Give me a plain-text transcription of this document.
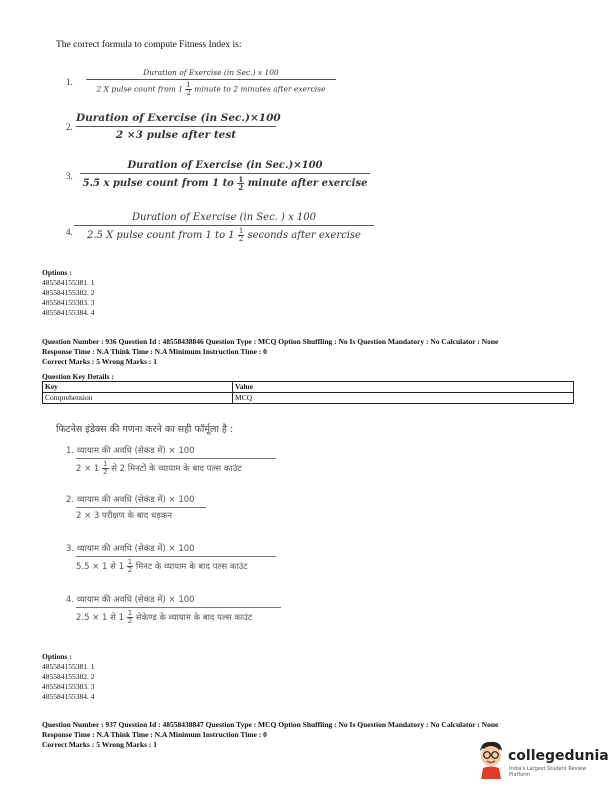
The correct formula to compute Fitness Index is:
1.
Duration of Exercise (in Sec.) x 100
2 X pulse count from $1 \frac{1}{2}$ minute to 2 minutes after exercise
2.
Duration of Exercise (in Sec.)×100
2 ×3 pulse after test
3.
Duration of Exercise (in Sec.)×100
5.5 x pulse count from 1 to $\frac{1}{2}$ minute after exercise
4.
Duration of Exercise (in Sec. ) x 100
2.5 X pulse count from 1 to $1 \frac{1}{2}$ seconds after exercise
Options :
485584155381. 1
485584155382. 2
485584155383. 3
485584155384. 4
Question Number : 936 Question Id : 48558438846 Question Type : MCQ Option Shuffling : No Is Question Mandatory : No Calculator : None
Response Time : N.A Think Time : N.A Minimum Instruction Time : 0
Correct Marks : 5 Wrong Marks : 1
Question Key Details :
Key	Value
Comprehension	MCQ
फिटनेस इंडेक्स की गणना करने का सही फॉर्मूला है :
1. व्यायाम की अवधि (सेकंड में) × 100
$2 \times 1 \frac{1}{2}$ से 2 मिनटों के व्यायाम के बाद पल्स काउंट
2. व्यायाम की अवधि (सेकंड में) × 100
2 × 3 परीक्षण के बाद धड़कन
3. व्यायाम की अवधि (सेकंड में) × 100
5.5 × 1 से $1 \frac{1}{2}$ मिनट के व्यायाम के बाद पल्स काउंट
4. व्यायाम की अवधि (सेकंड में) × 100
2.5 × 1 से $1 \frac{1}{2}$ सेकेण्ड के व्यायाम के बाद पल्स काउंट
Options :
485584155381. 1
485584155382. 2
485584155383. 3
485584155384. 4
Question Number : 937 Question Id : 48558438847 Question Type : MCQ Option Shuffling : No Is Question Mandatory : No Calculator : None
Response Time : N.A Think Time : N.A Minimum Instruction Time : 0
Correct Marks : 5 Wrong Marks : 1
collegedunia
India's Largest Student Review Platform
